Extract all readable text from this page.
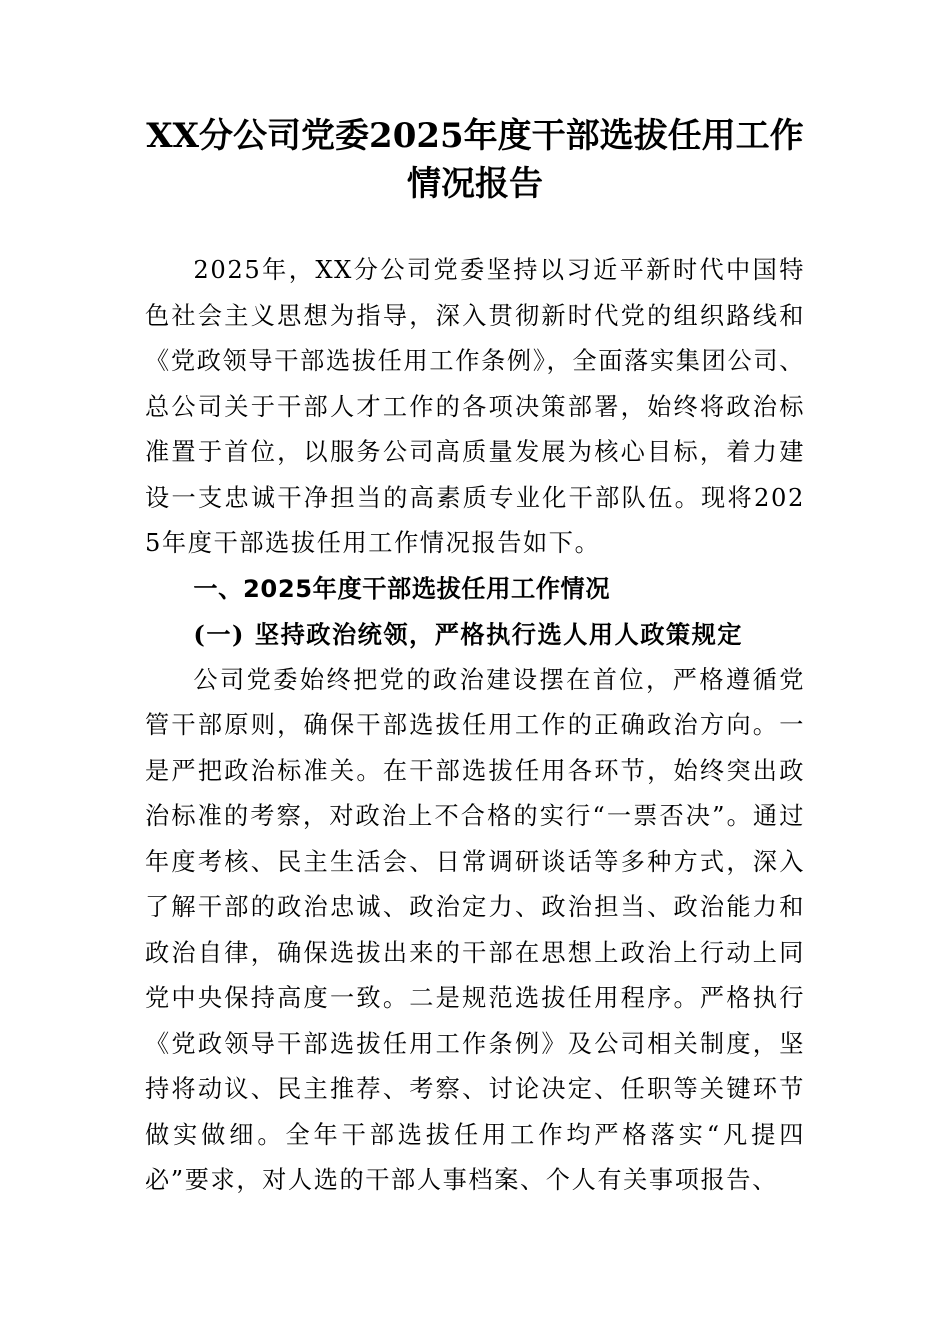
XX分公司党委2025年度干部选拔任用工作情况报告

2025年，XX分公司党委坚持以习近平新时代中国特色社会主义思想为指导，深入贯彻新时代党的组织路线和《党政领导干部选拔任用工作条例》，全面落实集团公司、总公司关于干部人才工作的各项决策部署，始终将政治标准置于首位，以服务公司高质量发展为核心目标，着力建设一支忠诚干净担当的高素质专业化干部队伍。现将2025年度干部选拔任用工作情况报告如下。

一、2025年度干部选拔任用工作情况

(一) 坚持政治统领，严格执行选人用人政策规定

公司党委始终把党的政治建设摆在首位，严格遵循党管干部原则，确保干部选拔任用工作的正确政治方向。一是严把政治标准关。在干部选拔任用各环节，始终突出政治标准的考察，对政治上不合格的实行“一票否决”。通过年度考核、民主生活会、日常调研谈话等多种方式，深入了解干部的政治忠诚、政治定力、政治担当、政治能力和政治自律，确保选拔出来的干部在思想上政治上行动上同党中央保持高度一致。二是规范选拔任用程序。严格执行《党政领导干部选拔任用工作条例》及公司相关制度，坚持将动议、民主推荐、考察、讨论决定、任职等关键环节做实做细。全年干部选拔任用工作均严格落实“凡提四必”要求，对人选的干部人事档案、个人有关事项报告、
